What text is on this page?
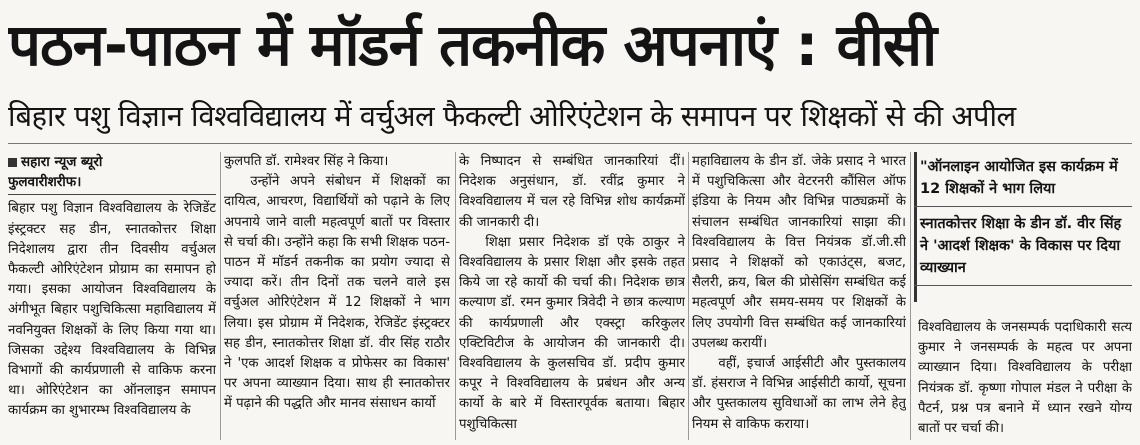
पठन-पाठन में मॉडर्न तकनीक अपनाएं : वीसी
बिहार पशु विज्ञान विश्वविद्यालय में वर्चुअल फैकल्टी ओरिएंटेशन के समापन पर शिक्षकों से की अपील
सहारा न्यूज ब्यूरो
फुलवारीशरीफ।

बिहार पशु विज्ञान विश्वविद्यालय के रेजिडेंट इंस्ट्रक्टर सह डीन, स्नातकोत्तर शिक्षा निदेशालय द्वारा तीन दिवसीय वर्चुअल फैकल्टी ओरिएंटेशन प्रोग्राम का समापन हो गया। इसका आयोजन विश्वविद्यालय के अंगीभूत बिहार पशुचिकित्सा महाविद्यालय में नवनियुक्त शिक्षकों के लिए किया गया था। जिसका उद्देश्य विश्वविद्यालय के विभिन्न विभागों की कार्यप्रणाली से वाकिफ करना था। ओरिएंटेशन का ऑनलाइन समापन कार्यक्रम का शुभारम्भ विश्वविद्यालय के

कुलपति डॉ. रामेश्वर सिंह ने किया।

उन्होंने अपने संबोधन में शिक्षकों का दायित्व, आचरण, विद्यार्थियों को पढ़ाने के लिए अपनाये जाने वाली महत्वपूर्ण बातों पर विस्तार से चर्चा की। उन्होंने कहा कि सभी शिक्षक पठन-पाठन में मॉडर्न तकनीक का प्रयोग ज्यादा से ज्यादा करें। तीन दिनों तक चलने वाले इस वर्चुअल ओरिएंटेशन में 12 शिक्षकों ने भाग लिया। इस प्रोग्राम में निदेशक, रेजिडेंट इंस्ट्रक्टर सह डीन, स्नातकोत्तर शिक्षा डॉ. वीर सिंह राठौर ने 'एक आदर्श शिक्षक व प्रोफेसर का विकास' पर अपना व्याख्यान दिया। साथ ही स्नातकोत्तर में पढ़ाने की पद्धति और मानव संसाधन कार्यो

के निष्पादन से सम्बंधित जानकारियां दीं। निदेशक अनुसंधान, डॉ. रवींद्र कुमार ने विश्वविद्यालय में चल रहे विभिन्न शोध कार्यक्रमों की जानकारी दी।

शिक्षा प्रसार निदेशक डॉ एके ठाकुर ने विश्वविद्यालय के प्रसार शिक्षा और इसके तहत किये जा रहे कार्यो की चर्चा की। निदेशक छात्र कल्याण डॉ. रमन कुमार त्रिवेदी ने छात्र कल्याण की कार्यप्रणाली और एक्स्ट्रा करिकुलर एक्टिविटीज के आयोजन की जानकारी दी। विश्वविद्यालय के कुलसचिव डॉ. प्रदीप कुमार कपूर ने विश्वविद्यालय के प्रबंधन और अन्य कार्यो के बारे में विस्तारपूर्वक बताया। बिहार पशुचिकित्सा

महाविद्यालय के डीन डॉ. जेके प्रसाद ने भारत में पशुचिकित्सा और वेटरनरी कौंसिल ऑफ इंडिया के नियम और विभिन्न पाठ्यक्रमों के संचालन सम्बंधित जानकारियां साझा की। विश्वविद्यालय के वित्त नियंत्रक डॉ.जी.सी प्रसाद ने शिक्षकों को एकाउंट्स, बजट, सैलरी, क्रय, बिल की प्रोसेसिंग सम्बंधित कई महत्वपूर्ण और समय-समय पर शिक्षकों के लिए उपयोगी वित्त सम्बंधित कई जानकारियां उपलब्ध करायीं।

वहीं, इचार्ज आईसीटी और पुस्तकालय डॉ. हंसराज ने विभिन्न आईसीटी कार्यो, सूचना और पुस्तकालय सुविधाओं का लाभ लेने हेतु नियम से वाकिफ कराया।

"ऑनलाइन आयोजित इस कार्यक्रम में 12 शिक्षकों ने भाग लिया
स्नातकोत्तर शिक्षा के डीन डॉ. वीर सिंह ने 'आदर्श शिक्षक' के विकास पर दिया व्याख्यान

विश्वविद्यालय के जनसम्पर्क पदाधिकारी सत्य कुमार ने जनसम्पर्क के महत्व पर अपना व्याख्यान दिया। विश्वविद्यालय के परीक्षा नियंत्रक डॉ. कृष्णा गोपाल मंडल ने परीक्षा के पैटर्न, प्रश्न पत्र बनाने में ध्यान रखने योग्य बातों पर चर्चा की।
